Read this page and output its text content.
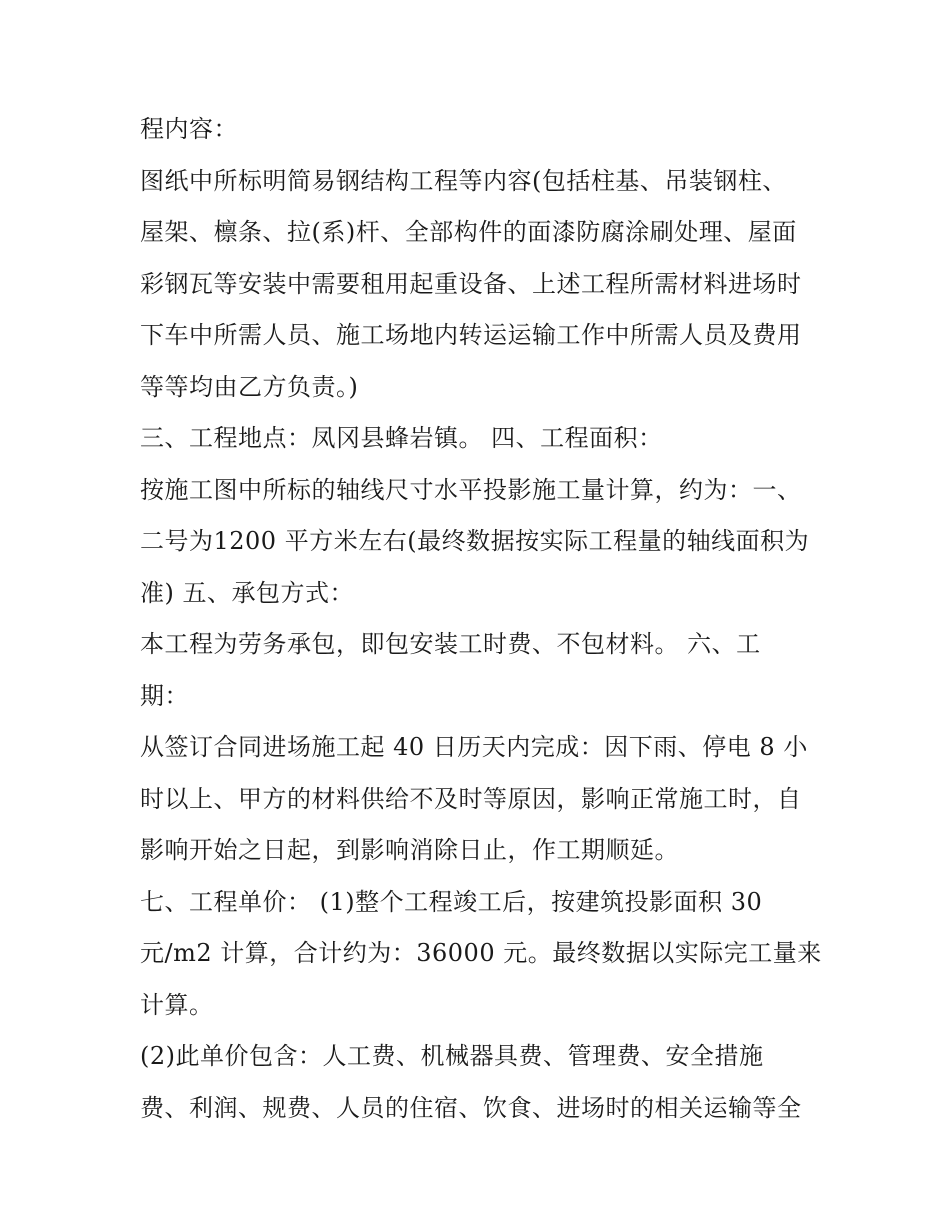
程内容：
图纸中所标明简易钢结构工程等内容(包括柱基、吊装钢柱、
屋架、檩条、拉(系)杆、全部构件的面漆防腐涂刷处理、屋面
彩钢瓦等安装中需要租用起重设备、上述工程所需材料进场时
下车中所需人员、施工场地内转运运输工作中所需人员及费用
等等均由乙方负责。)
三、工程地点：凤冈县蜂岩镇。 四、工程面积：
按施工图中所标的轴线尺寸水平投影施工量计算，约为：一、
二号为1200 平方米左右(最终数据按实际工程量的轴线面积为
准) 五、承包方式：
本工程为劳务承包，即包安装工时费、不包材料。 六、工
期：
从签订合同进场施工起 40 日历天内完成：因下雨、停电 8 小
时以上、甲方的材料供给不及时等原因，影响正常施工时，自
影响开始之日起，到影响消除日止，作工期顺延。
七、工程单价： (1)整个工程竣工后，按建筑投影面积 30
元/m2 计算，合计约为：36000 元。最终数据以实际完工量来
计算。
(2)此单价包含：人工费、机械器具费、管理费、安全措施
费、利润、规费、人员的住宿、饮食、进场时的相关运输等全
